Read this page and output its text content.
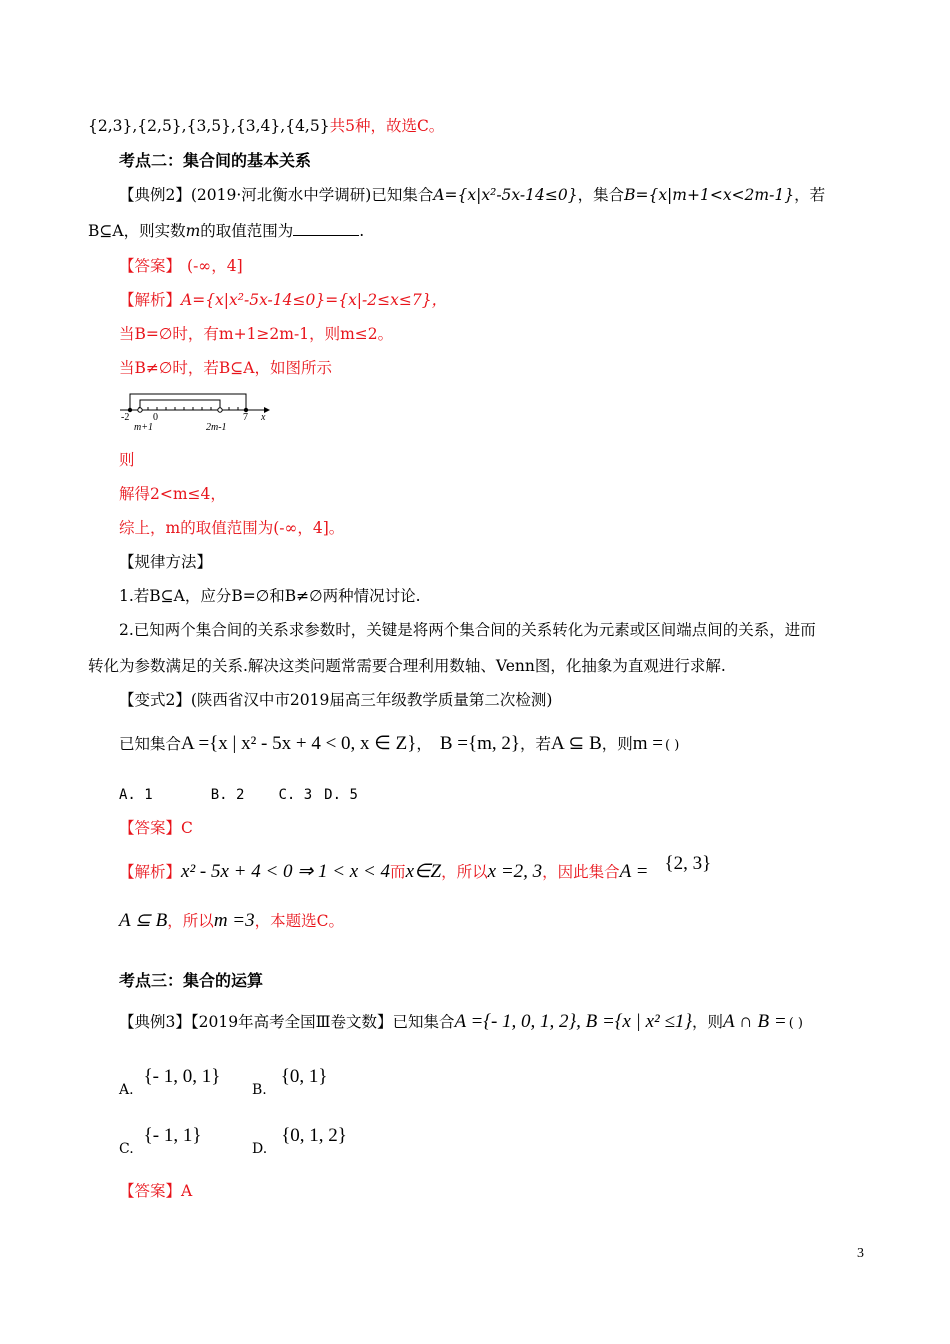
{2,3},{2,5},{3,5},{3,4},{4,5}共5种，故选C。
考点二：集合间的基本关系
【典例2】(2019·河北衡水中学调研)已知集合A={x|x²-5x-14≤0}，集合B={x|m+1<x<2m-1}，若
B⊆A，则实数m的取值范围为	.
【答案】 (-∞，4]
【解析】A={x|x²-5x-14≤0}={x|-2≤x≤7}，
当B=∅时，有m+1≥2m-1，则m≤2。
当B≠∅时，若B⊆A，如图所示
-2 0	7 x
m+1	2m-1
则
解得2<m≤4，
综上，m的取值范围为(-∞，4]。
【规律方法】
1.若B⊆A，应分B=∅和B≠∅两种情况讨论.
2.已知两个集合间的关系求参数时，关键是将两个集合间的关系转化为元素或区间端点间的关系，进而
转化为参数满足的关系.解决这类问题常需要合理利用数轴、Venn图，化抽象为直观进行求解.
【变式2】(陕西省汉中市2019届高三年级教学质量第二次检测)
已知集合A ={x | x² - 5x + 4 < 0, x ∈ Z}， B ={m, 2}，若A ⊆ B，则m = ( )
A. 1	B. 2 C. 3 D. 5
【答案】C
【解析】x² - 5x + 4 < 0 ⇒ 1 < x < 4而x∈Z，所以x =2, 3，因此集合A = {2, 3}
A ⊆ B，所以m =3，本题选C。
考点三：集合的运算
【典例3】【2019年高考全国Ⅲ卷文数】已知集合A ={- 1, 0, 1, 2}, B ={x | x² ≤1}，则A ∩ B = ( )
A.{- 1, 0, 1}
B.{0, 1}
C.{- 1, 1}
D.{0, 1, 2}
【答案】A
3
